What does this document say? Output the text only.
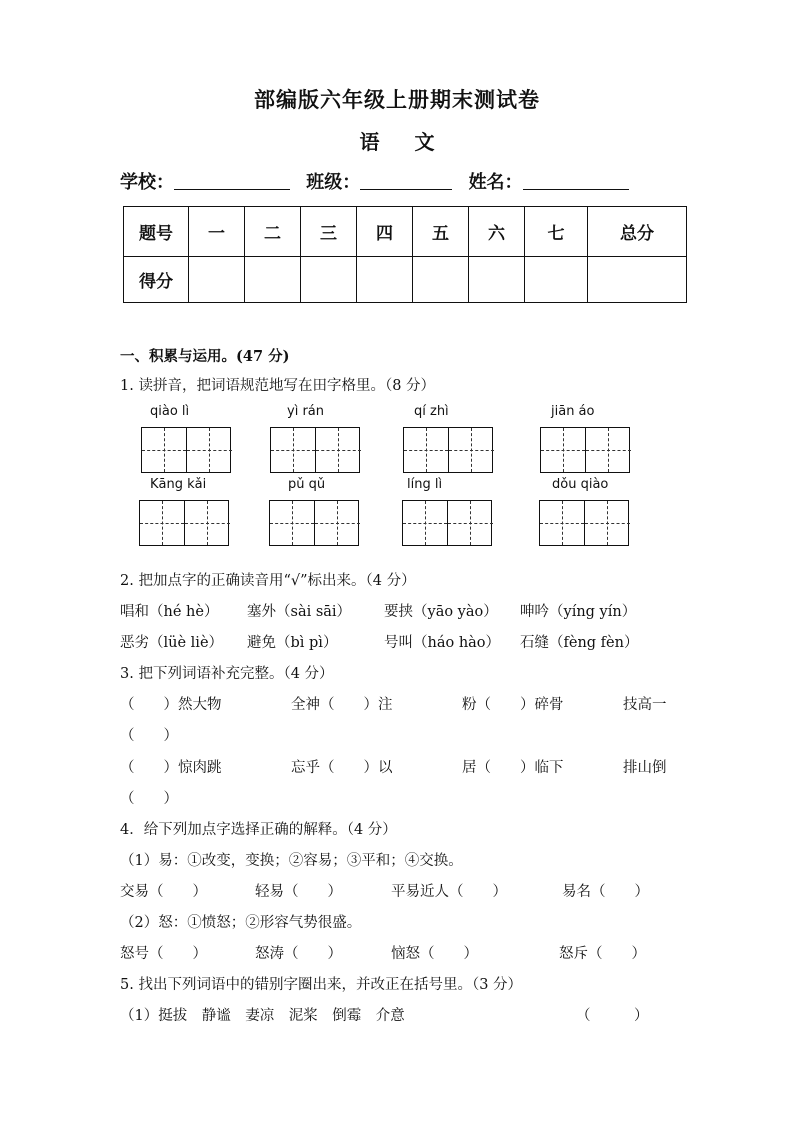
部编版六年级上册期末测试卷
语 文
学校：	班级：	姓名：
题号	一	二	三	四	五	六	七	总分
得分								
一、积累与运用。(47 分)
1. 读拼音，把词语规范地写在田字格里。（8 分）
qiào lì	yì rán	qí zhì	jiān áo
Kāng kǎi	pǔ qǔ	líng lì	dǒu qiào
2. 把加点字的正确读音用“√”标出来。（4 分）
唱和（hé hè） 塞外（sài sāi） 要挟（yāo yào） 呻吟（yíng yín）
恶劣（lüè liè） 避免（bì pì）	号叫（háo hào） 石缝（fèng fèn）
3. 把下列词语补充完整。（4 分）
（　　）然大物	全神（　　）注	粉（　　）碎骨	技高一
（　　）
（　　）惊肉跳	忘乎（　　）以	居（　　）临下	排山倒
（　　）
4．给下列加点字选择正确的解释。（4 分）
（1）易：①改变，变换；②容易；③平和；④交换。
交易（　　）	轻易（　　）	平易近人（　　）	易名（　　）
（2）怒：①愤怒；②形容气势很盛。
怒号（　　）	怒涛（　　）	恼怒（　　）	怒斥（　　）
5. 找出下列词语中的错别字圈出来，并改正在括号里。（3 分）
（1）挺拔　静谧　妻凉　泥桨　倒霉　介意	（　　　）
